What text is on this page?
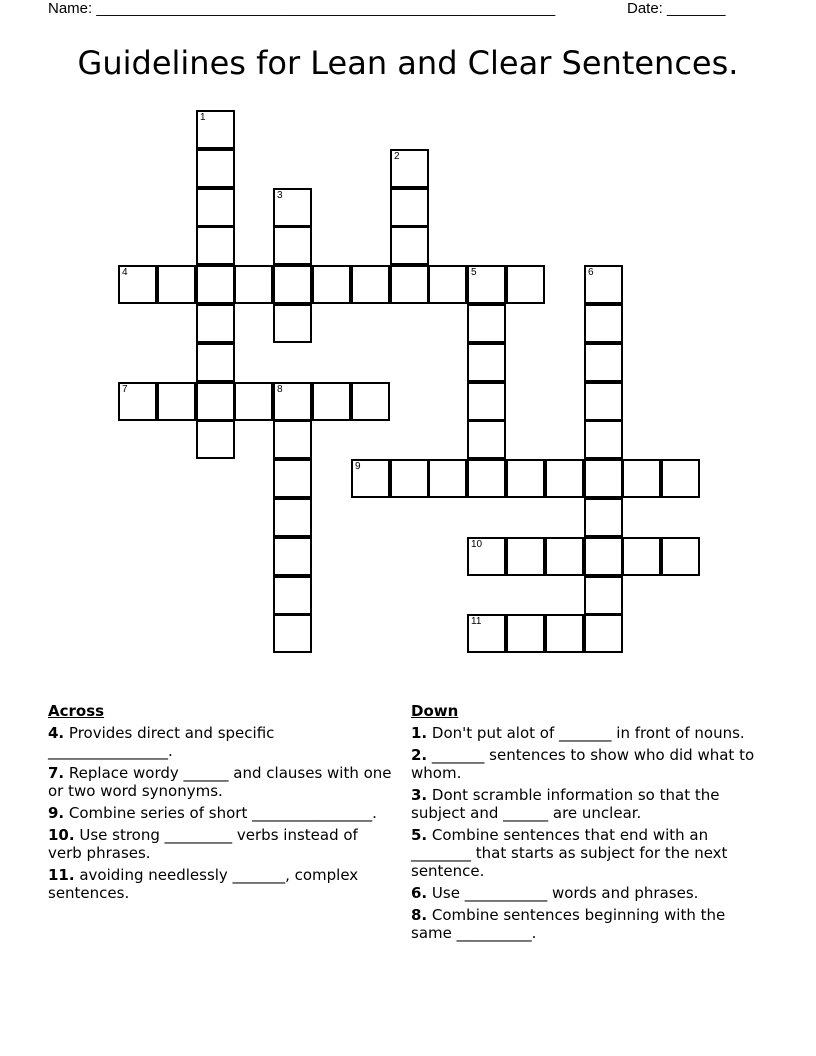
Name: _______________________________________________________	Date: _______
Guidelines for Lean and Clear Sentences.
1
2
3
4	5	6
7	8
9
10
11
Across
4. Provides direct and specific ________________.
7. Replace wordy ______ and clauses with one or two word synonyms.
9. Combine series of short ________________.
10. Use strong _________ verbs instead of verb phrases.
11. avoiding needlessly _______, complex sentences.
Down
1. Don't put alot of _______ in front of nouns.
2. _______ sentences to show who did what to whom.
3. Dont scramble information so that the subject and ______ are unclear.
5. Combine sentences that end with an ________ that starts as subject for the next sentence.
6. Use ___________ words and phrases.
8. Combine sentences beginning with the same __________.
